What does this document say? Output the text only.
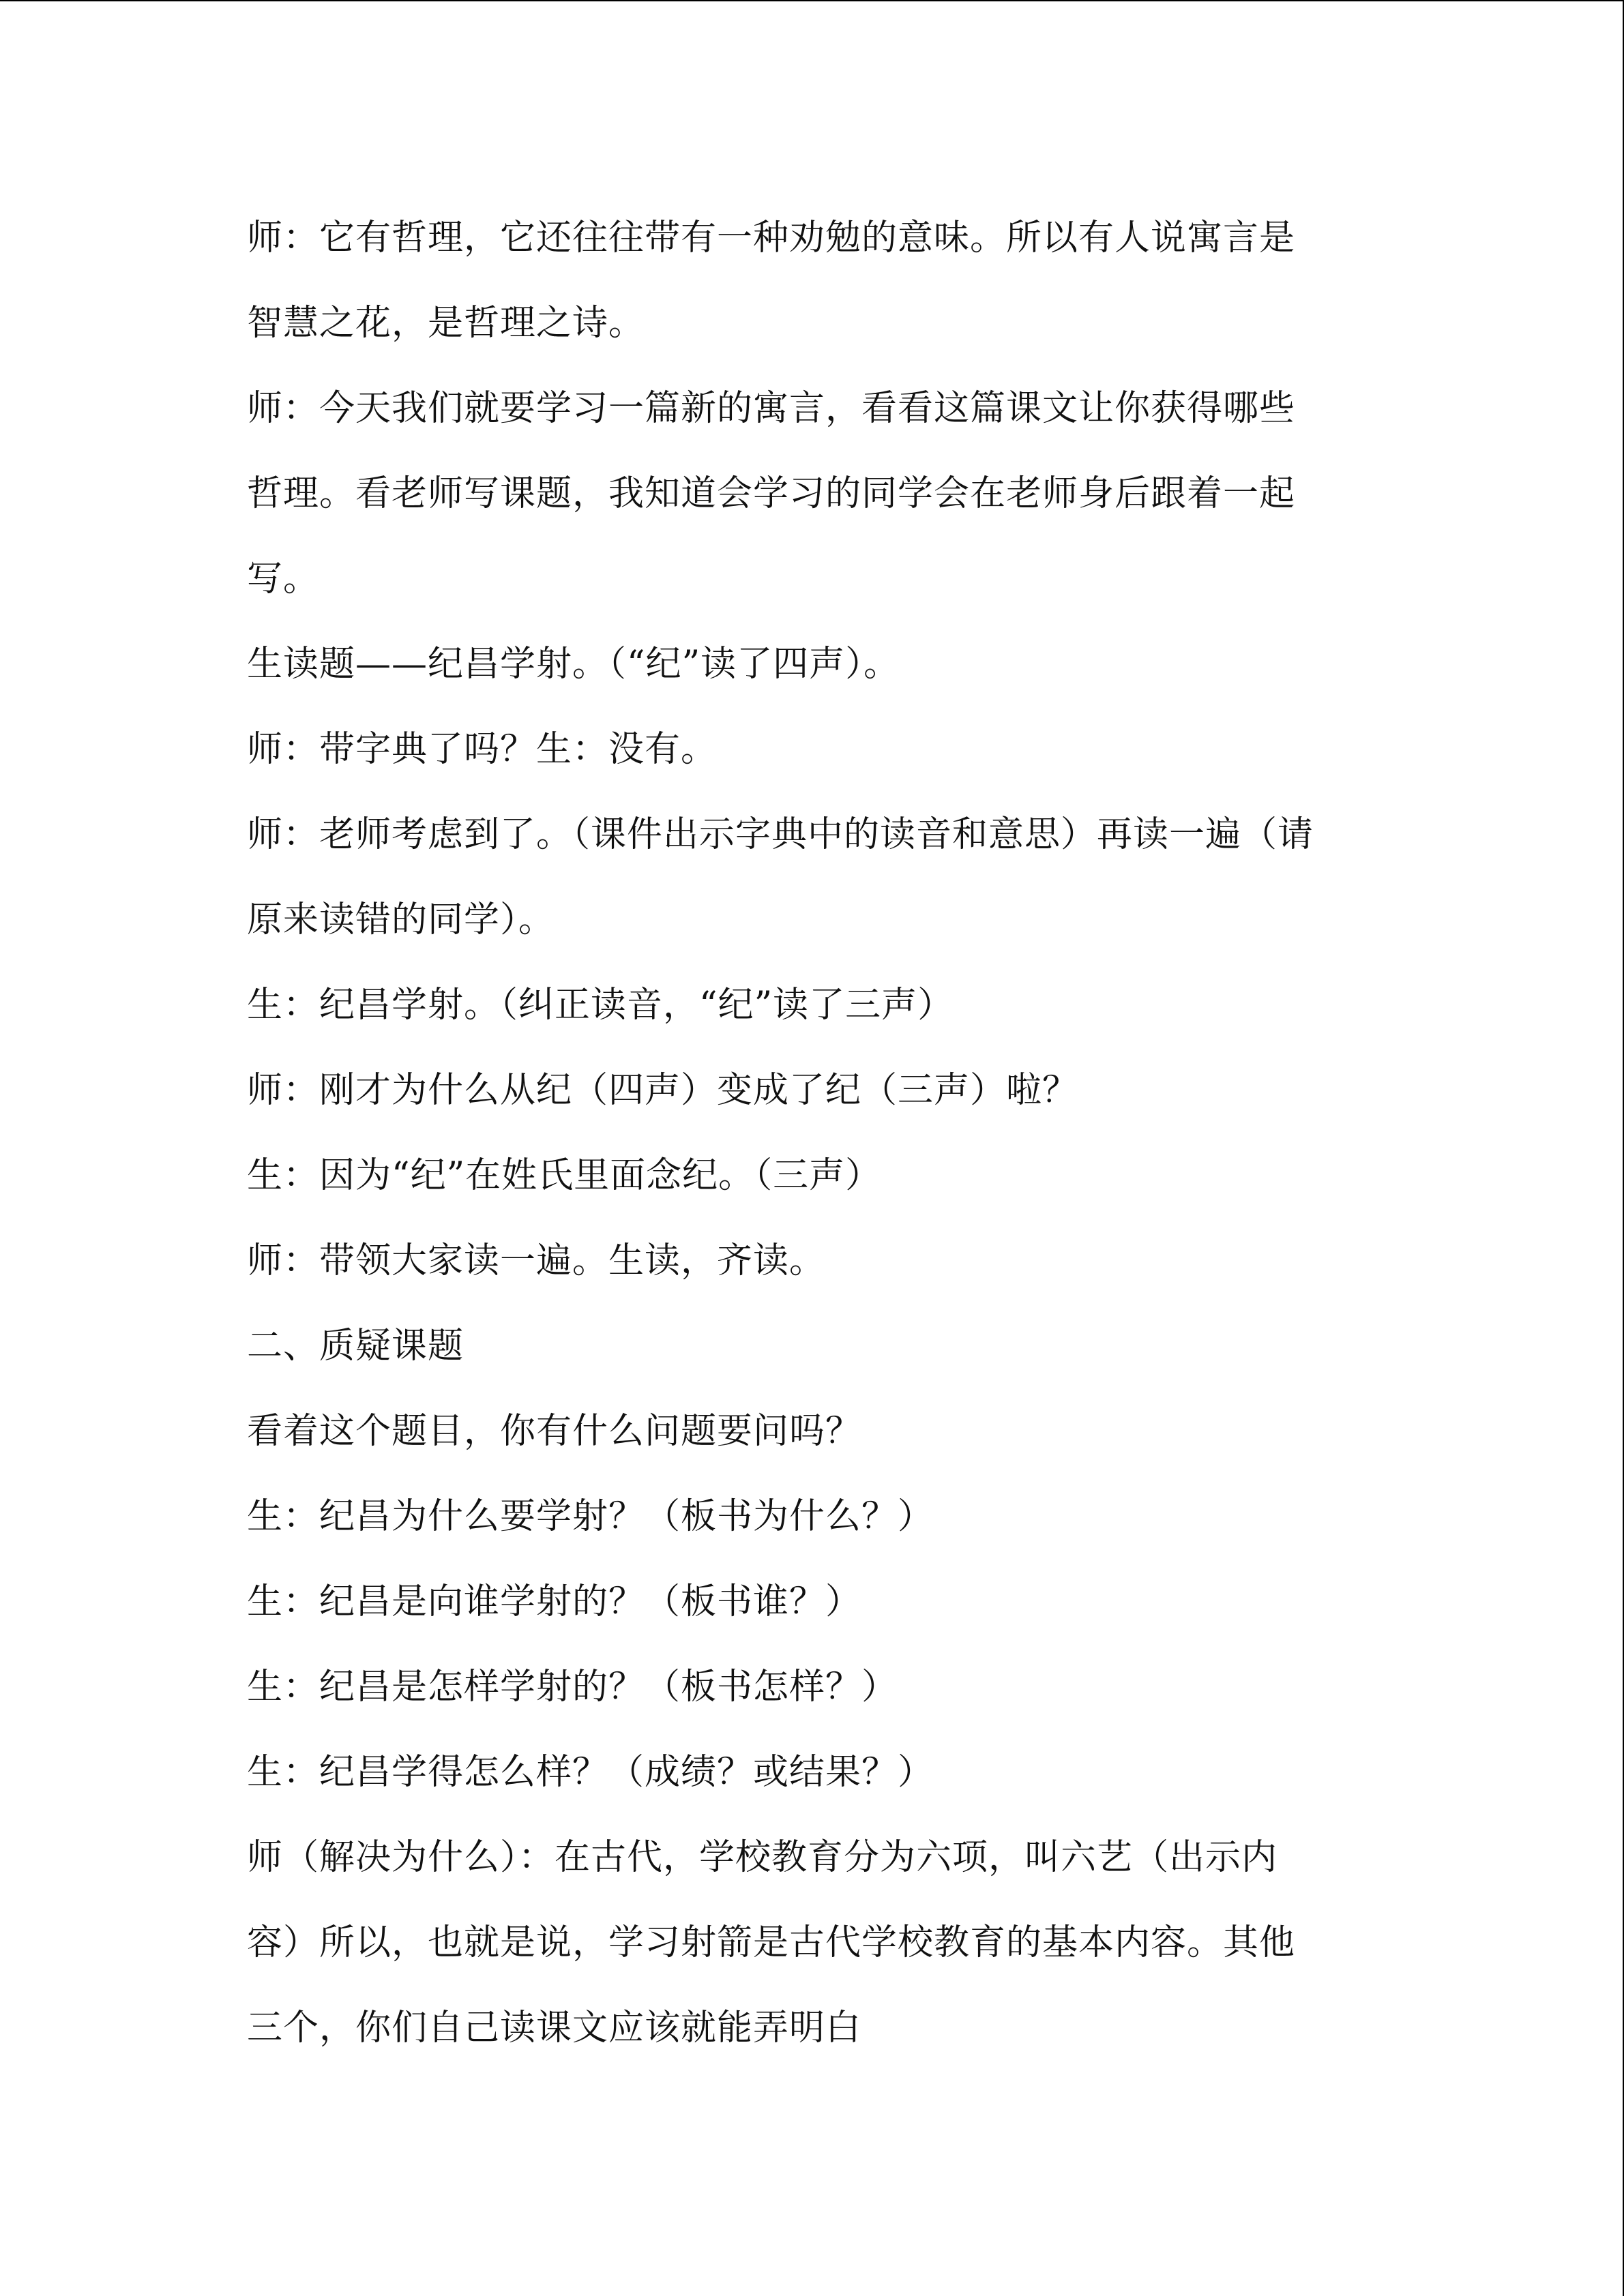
师：它有哲理，它还往往带有一种劝勉的意味。所以有人说寓言是
智慧之花，是哲理之诗。
师：今天我们就要学习一篇新的寓言，看看这篇课文让你获得哪些
哲理。看老师写课题，我知道会学习的同学会在老师身后跟着一起
写。
生读题——纪昌学射。（“纪”读了四声）。
师：带字典了吗？生：没有。
师：老师考虑到了。（课件出示字典中的读音和意思）再读一遍（请
原来读错的同学）。
生：纪昌学射。（纠正读音，“纪”读了三声）
师：刚才为什么从纪（四声）变成了纪（三声）啦？
生：因为“纪”在姓氏里面念纪。（三声）
师：带领大家读一遍。生读，齐读。
二、质疑课题
看着这个题目，你有什么问题要问吗？
生：纪昌为什么要学射？（板书为什么？）
生：纪昌是向谁学射的？（板书谁？）
生：纪昌是怎样学射的？（板书怎样？）
生：纪昌学得怎么样？（成绩？或结果？）
师（解决为什么）：在古代，学校教育分为六项，叫六艺（出示内
容）所以，也就是说，学习射箭是古代学校教育的基本内容。其他
三个，你们自己读课文应该就能弄明白
